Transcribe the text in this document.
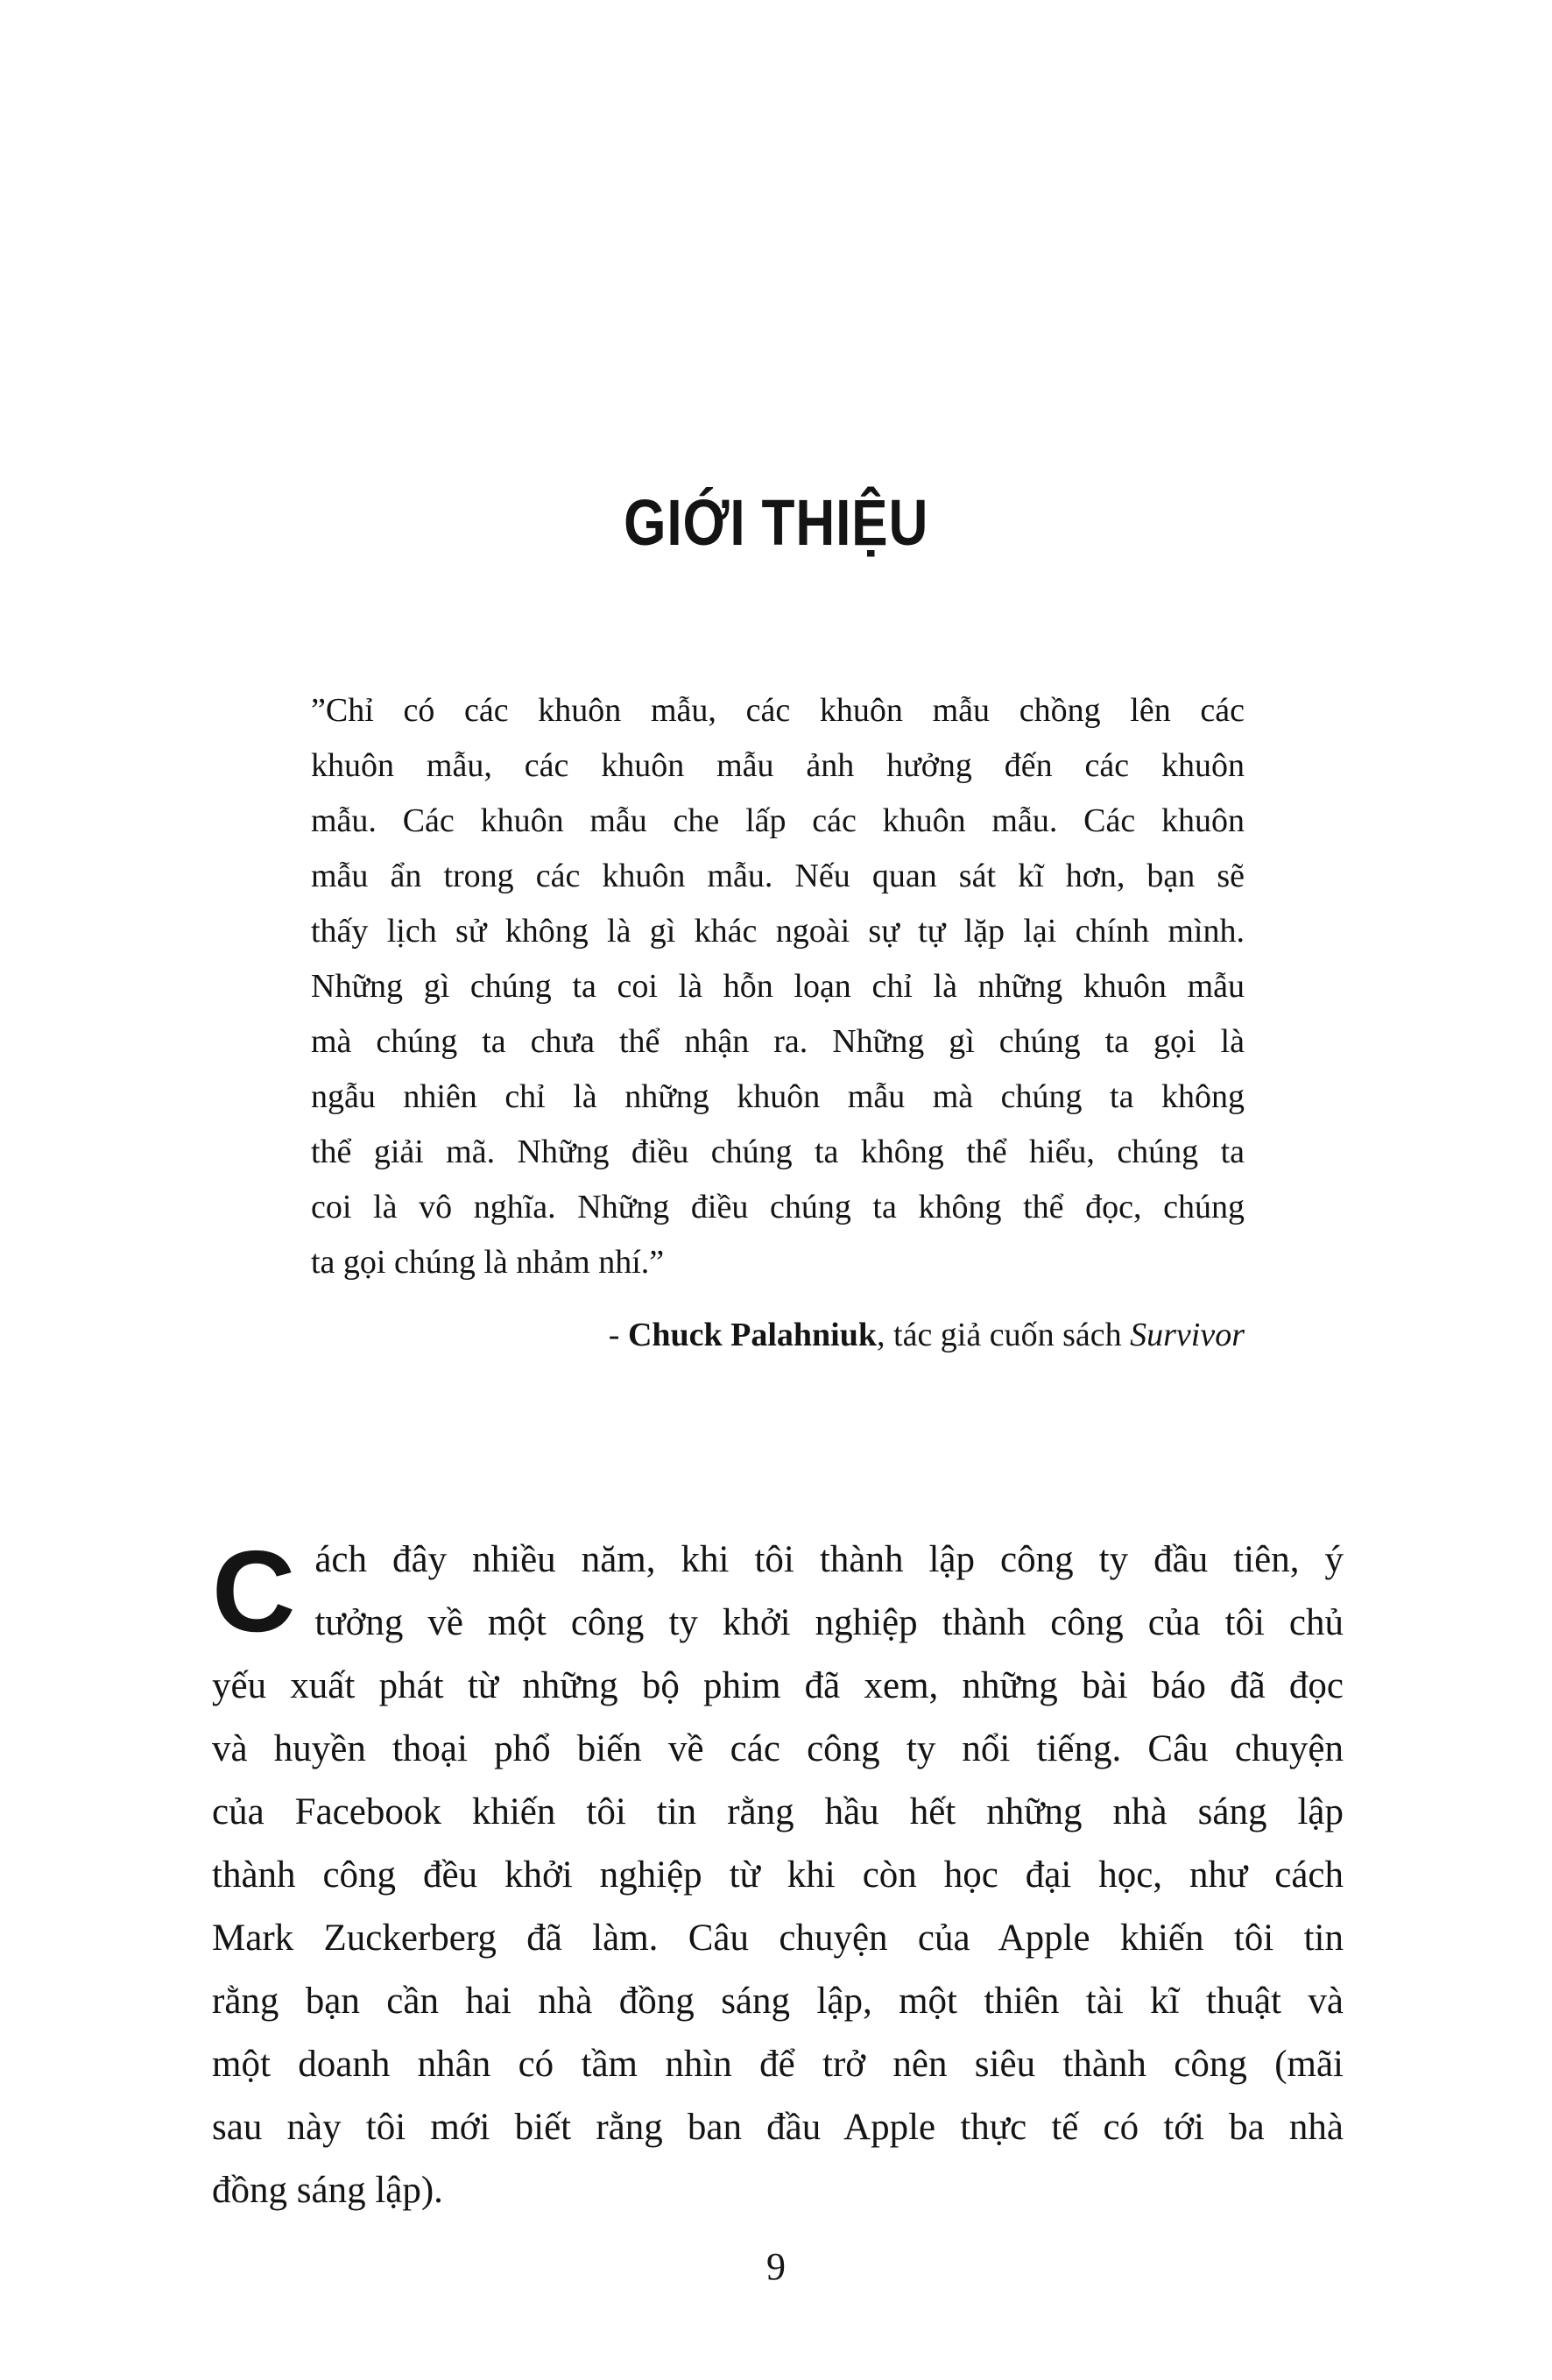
GIỚI THIỆU
”Chỉ có các khuôn mẫu, các khuôn mẫu chồng lên các
khuôn mẫu, các khuôn mẫu ảnh hưởng đến các khuôn
mẫu. Các khuôn mẫu che lấp các khuôn mẫu. Các khuôn
mẫu ẩn trong các khuôn mẫu. Nếu quan sát kĩ hơn, bạn sẽ
thấy lịch sử không là gì khác ngoài sự tự lặp lại chính mình.
Những gì chúng ta coi là hỗn loạn chỉ là những khuôn mẫu
mà chúng ta chưa thể nhận ra. Những gì chúng ta gọi là
ngẫu nhiên chỉ là những khuôn mẫu mà chúng ta không
thể giải mã. Những điều chúng ta không thể hiểu, chúng ta
coi là vô nghĩa. Những điều chúng ta không thể đọc, chúng
ta gọi chúng là nhảm nhí.”
- Chuck Palahniuk, tác giả cuốn sách Survivor
C ách đây nhiều năm, khi tôi thành lập công ty đầu tiên, ý
tưởng về một công ty khởi nghiệp thành công của tôi chủ
yếu xuất phát từ những bộ phim đã xem, những bài báo đã đọc
và huyền thoại phổ biến về các công ty nổi tiếng. Câu chuyện
của Facebook khiến tôi tin rằng hầu hết những nhà sáng lập
thành công đều khởi nghiệp từ khi còn học đại học, như cách
Mark Zuckerberg đã làm. Câu chuyện của Apple khiến tôi tin
rằng bạn cần hai nhà đồng sáng lập, một thiên tài kĩ thuật và
một doanh nhân có tầm nhìn để trở nên siêu thành công (mãi
sau này tôi mới biết rằng ban đầu Apple thực tế có tới ba nhà
đồng sáng lập).
9
